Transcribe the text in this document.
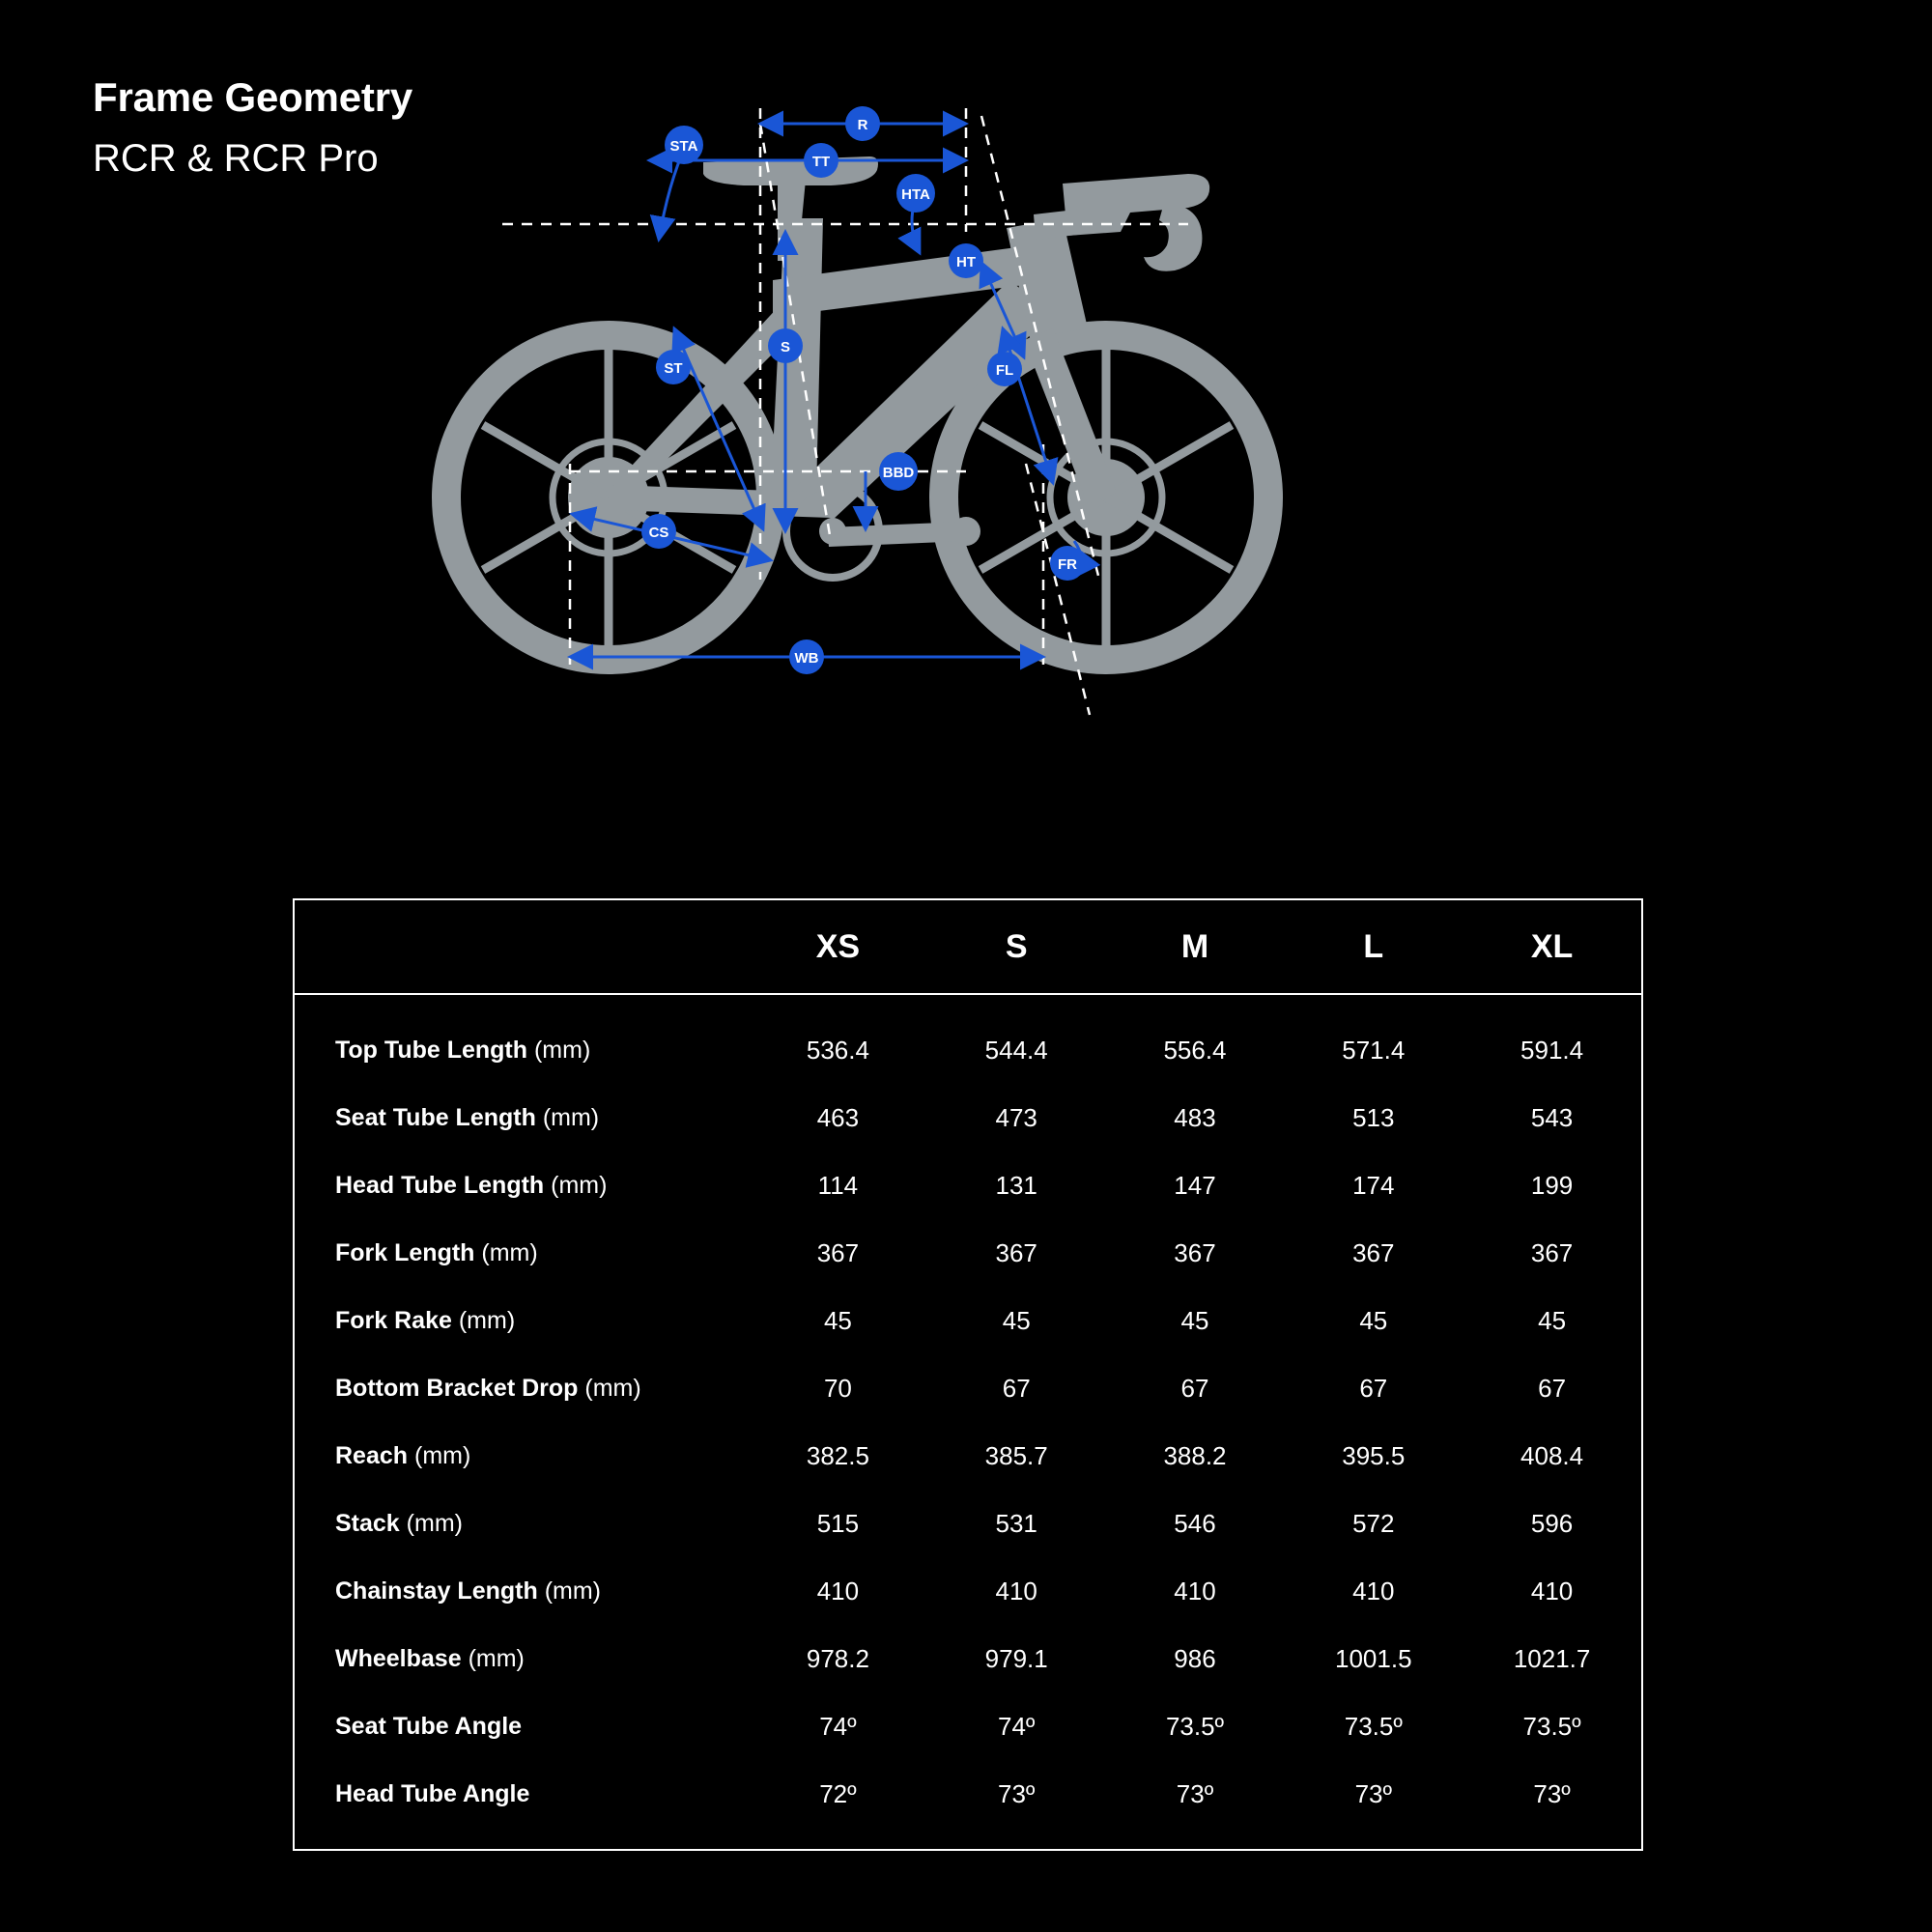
Frame Geometry
RCR & RCR Pro
R
TT
STA
HTA
HT
S
ST	FL
BBD
CS
FR
WB
	XS	S	M	L	XL
Top Tube Length (mm)	536.4	544.4	556.4	571.4	591.4
Seat Tube Length (mm)	463	473	483	513	543
Head Tube Length (mm)	114	131	147	174	199
Fork Length (mm)	367	367	367	367	367
Fork Rake (mm)	45	45	45	45	45
Bottom Bracket Drop (mm)	70	67	67	67	67
Reach (mm)	382.5	385.7	388.2	395.5	408.4
Stack (mm)	515	531	546	572	596
Chainstay Length (mm)	410	410	410	410	410
Wheelbase (mm)	978.2	979.1	986	1001.5	1021.7
Seat Tube Angle	74º	74º	73.5º	73.5º	73.5º
Head Tube Angle	72º	73º	73º	73º	73º
